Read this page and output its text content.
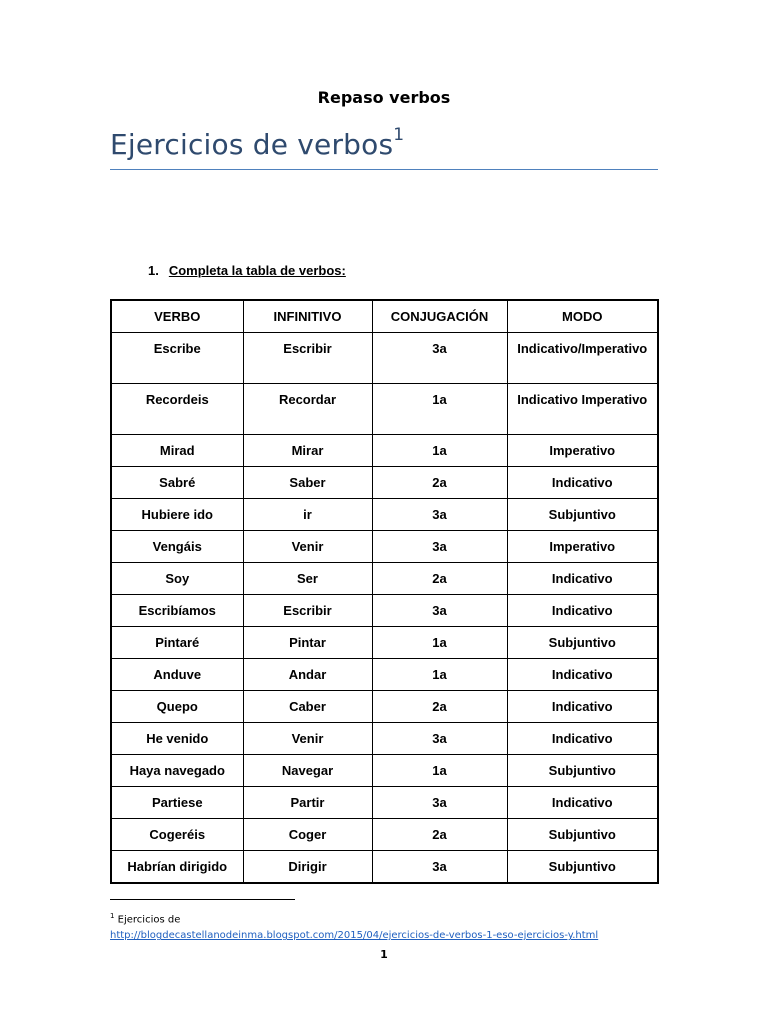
Repaso verbos
Ejercicios de verbos$^1$
1. Completa la tabla de verbos:
VERBO	INFINITIVO	CONJUGACIÓN	MODO
Escribe	Escribir	3a	Indicativo/Imperativo
Recordeis	Recordar	1a	Indicativo Imperativo
Mirad	Mirar	1a	Imperativo
Sabré	Saber	2a	Indicativo
Hubiere ido	ir	3a	Subjuntivo
Vengáis	Venir	3a	Imperativo
Soy	Ser	2a	Indicativo
Escribíamos	Escribir	3a	Indicativo
Pintaré	Pintar	1a	Subjuntivo
Anduve	Andar	1a	Indicativo
Quepo	Caber	2a	Indicativo
He venido	Venir	3a	Indicativo
Haya navegado	Navegar	1a	Subjuntivo
Partiese	Partir	3a	Indicativo
Cogeréis	Coger	2a	Subjuntivo
Habrían dirigido	Dirigir	3a	Subjuntivo
$^1$ Ejercicios de
http://blogdecastellanodeinma.blogspot.com/2015/04/ejercicios-de-verbos-1-eso-ejercicios-y.html
1
